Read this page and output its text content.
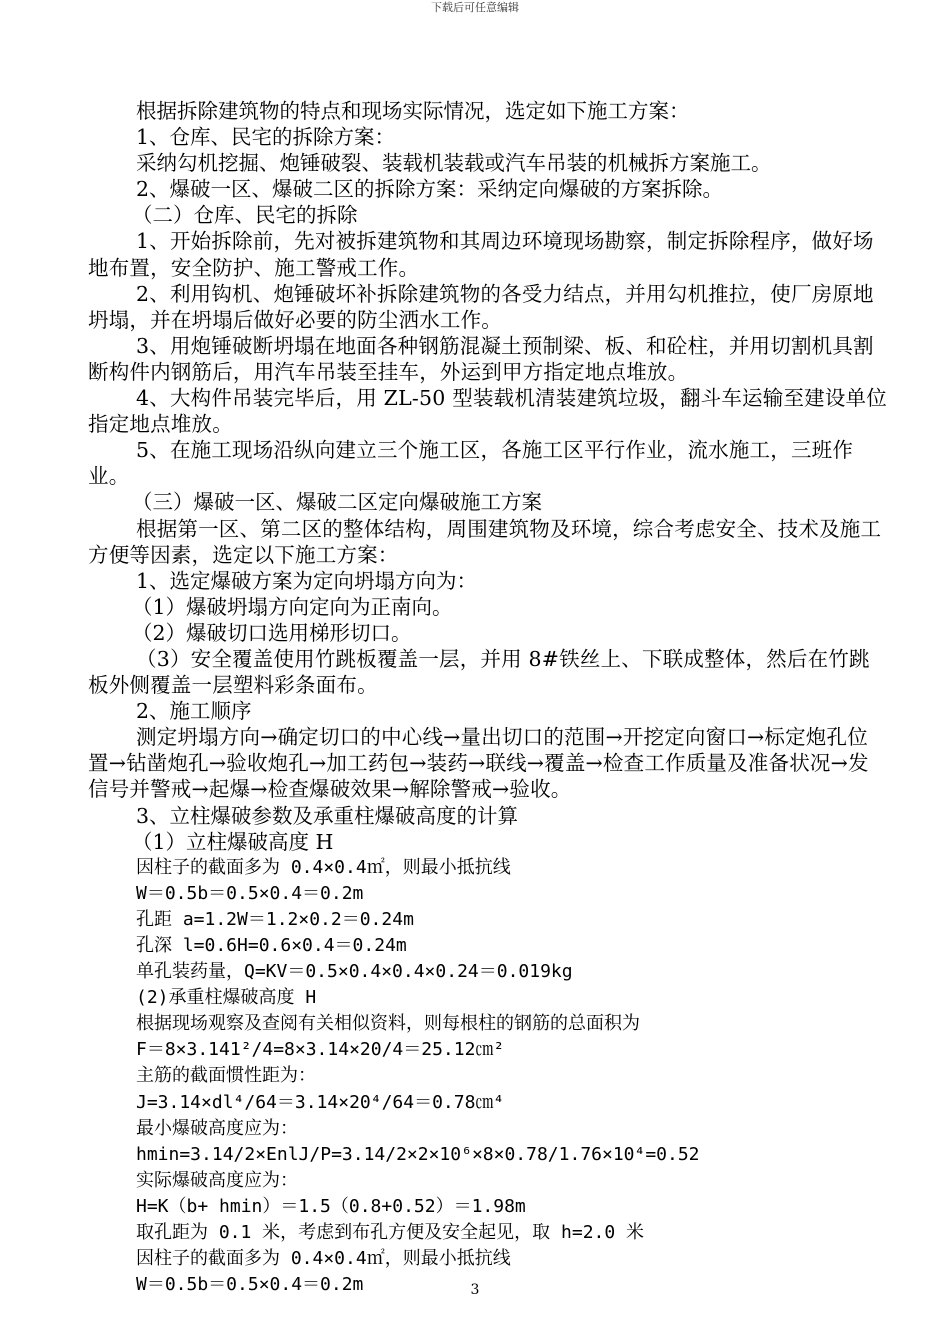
下载后可任意编辑
根据拆除建筑物的特点和现场实际情况，选定如下施工方案：
1、仓库、民宅的拆除方案：
采纳勾机挖掘、炮锤破裂、装载机装载或汽车吊装的机械拆方案施工。
2、爆破一区、爆破二区的拆除方案：采纳定向爆破的方案拆除。
（二）仓库、民宅的拆除
1、开始拆除前，先对被拆建筑物和其周边环境现场勘察，制定拆除程序，做好场地布置，安全防护、施工警戒工作。
2、利用钩机、炮锤破坏补拆除建筑物的各受力结点，并用勾机推拉，使厂房原地坍塌，并在坍塌后做好必要的防尘洒水工作。
3、用炮锤破断坍塌在地面各种钢筋混凝土预制梁、板、和砼柱，并用切割机具割断构件内钢筋后，用汽车吊装至挂车，外运到甲方指定地点堆放。
4、大构件吊装完毕后，用 ZL-50 型装载机清装建筑垃圾，翻斗车运输至建设单位指定地点堆放。
5、在施工现场沿纵向建立三个施工区，各施工区平行作业，流水施工，三班作业。
（三）爆破一区、爆破二区定向爆破施工方案
根据第一区、第二区的整体结构，周围建筑物及环境，综合考虑安全、技术及施工方便等因素，选定以下施工方案：
1、选定爆破方案为定向坍塌方向为：
（1）爆破坍塌方向定向为正南向。
（2）爆破切口选用梯形切口。
（3）安全覆盖使用竹跳板覆盖一层，并用 8#铁丝上、下联成整体，然后在竹跳板外侧覆盖一层塑料彩条面布。
2、施工顺序
测定坍塌方向→确定切口的中心线→量出切口的范围→开挖定向窗口→标定炮孔位置→钻凿炮孔→验收炮孔→加工药包→装药→联线→覆盖→检查工作质量及准备状况→发信号并警戒→起爆→检查爆破效果→解除警戒→验收。
3、立柱爆破参数及承重柱爆破高度的计算
（1）立柱爆破高度 H
因柱子的截面多为 0.4×0.4㎡，则最小抵抗线
W＝0.5b＝0.5×0.4＝0.2m
孔距 a=1.2W＝1.2×0.2＝0.24m
孔深 l=0.6H=0.6×0.4＝0.24m
单孔装药量，Q=KV＝0.5×0.4×0.4×0.24＝0.019kg
(2)承重柱爆破高度 H
根据现场观察及查阅有关相似资料，则每根柱的钢筋的总面积为
F＝8×3.141²/4=8×3.14×20/4＝25.12㎝²
主筋的截面惯性距为：
J=3.14×dl⁴/64＝3.14×20⁴/64＝0.78㎝⁴
最小爆破高度应为：
hmin=3.14/2×EnlJ/P=3.14/2×2×10⁶×8×0.78/1.76×10⁴=0.52
实际爆破高度应为：
H=K（b+ hmin）＝1.5（0.8+0.52）＝1.98m
取孔距为 0.1 米，考虑到布孔方便及安全起见，取 h=2.0 米
因柱子的截面多为 0.4×0.4㎡，则最小抵抗线
W＝0.5b＝0.5×0.4＝0.2m	3
